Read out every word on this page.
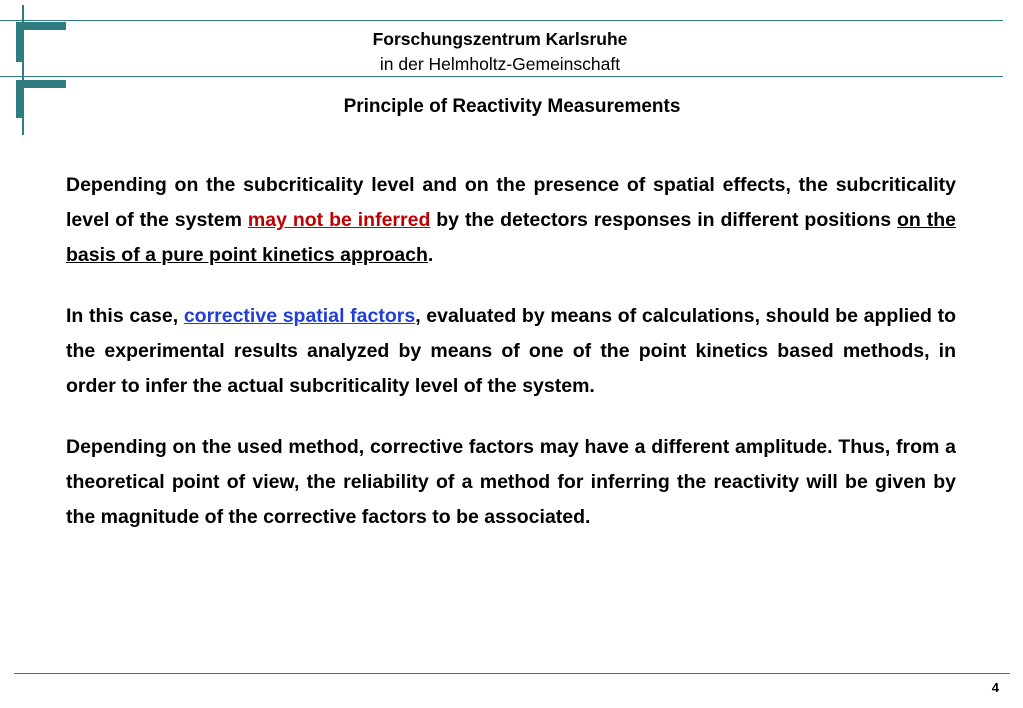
Forschungszentrum Karlsruhe
in der Helmholtz-Gemeinschaft
Principle of Reactivity Measurements

Depending on the subcriticality level and on the presence of spatial effects, the subcriticality level of the system may not be inferred by the detectors responses in different positions on the basis of a pure point kinetics approach.

In this case, corrective spatial factors, evaluated by means of calculations, should be applied to the experimental results analyzed by means of one of the point kinetics based methods, in order to infer the actual subcriticality level of the system.

Depending on the used method, corrective factors may have a different amplitude. Thus, from a theoretical point of view, the reliability of a method for inferring the reactivity will be given by the magnitude of the corrective factors to be associated.

4
